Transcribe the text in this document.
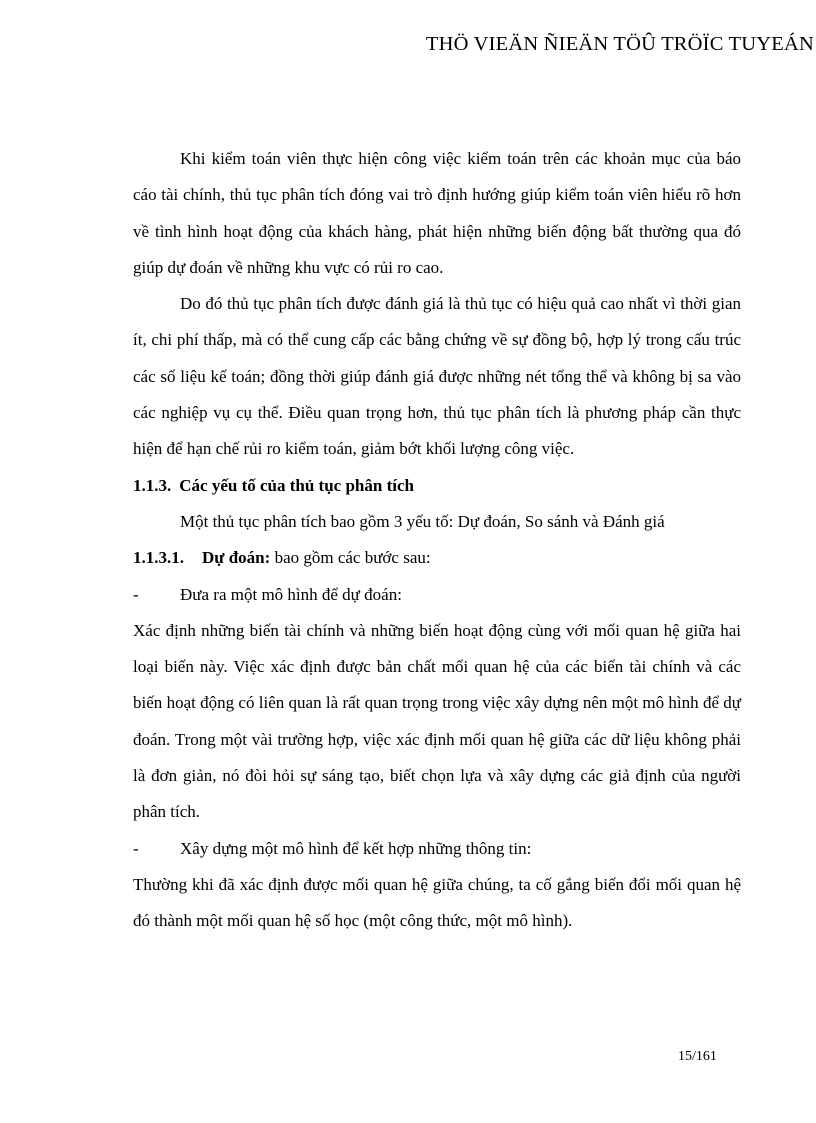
THÖ VIEÄN ÑIEÄN TÖÛ TRÖÏC TUYEÁN

Khi kiểm toán viên thực hiện công việc kiểm toán trên các khoản mục của báo cáo tài chính, thủ tục phân tích đóng vai trò định hướng giúp kiểm toán viên hiểu rõ hơn về tình hình hoạt động của khách hàng, phát hiện những biến động bất thường qua đó giúp dự đoán về những khu vực có rủi ro cao.

Do đó thủ tục phân tích được đánh giá là thủ tục có hiệu quả cao nhất vì thời gian ít, chi phí thấp, mà có thể cung cấp các bằng chứng về sự đồng bộ, hợp lý trong cấu trúc các số liệu kế toán; đồng thời giúp đánh giá được những nét tổng thể và không bị sa vào các nghiệp vụ cụ thể. Điều quan trọng hơn, thủ tục phân tích là phương pháp cần thực hiện để hạn chế rủi ro kiểm toán, giảm bớt khối lượng công việc.

1.1.3. Các yếu tố của thủ tục phân tích

Một thủ tục phân tích bao gồm 3 yếu tố: Dự đoán, So sánh và Đánh giá

1.1.3.1. Dự đoán: bao gồm các bước sau:

-	Đưa ra một mô hình để dự đoán:

Xác định những biến tài chính và những biến hoạt động cùng với mối quan hệ giữa hai loại biến này. Việc xác định được bản chất mối quan hệ của các biến tài chính và các biến hoạt động có liên quan là rất quan trọng trong việc xây dựng nên một mô hình để dự đoán. Trong một vài trường hợp, việc xác định mối quan hệ giữa các dữ liệu không phải là đơn giản, nó đòi hỏi sự sáng tạo, biết chọn lựa và xây dựng các giả định của người phân tích.

-	Xây dựng một mô hình để kết hợp những thông tin:

Thường khi đã xác định được mối quan hệ giữa chúng, ta cố gắng biến đổi mối quan hệ đó thành một mối quan hệ số học (một công thức, một mô hình).

15/161
